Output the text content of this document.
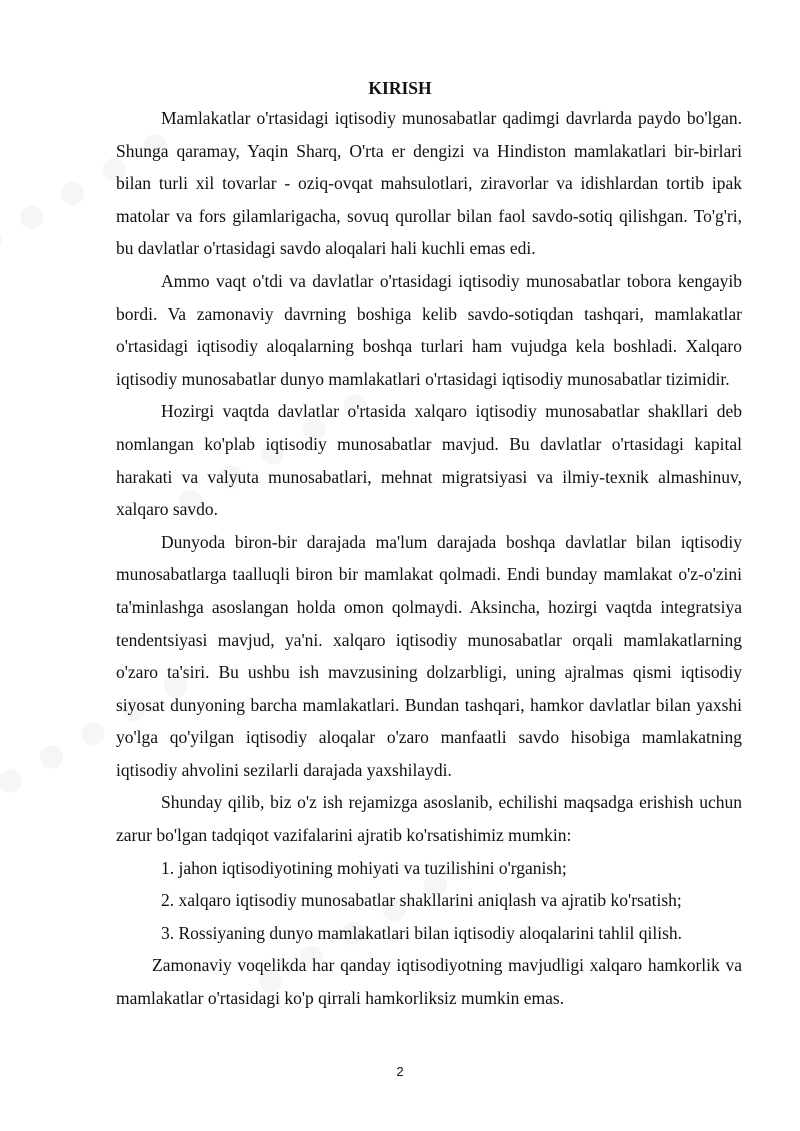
KIRISH

Mamlakatlar o'rtasidagi iqtisodiy munosabatlar qadimgi davrlarda paydo bo'lgan. Shunga qaramay, Yaqin Sharq, O'rta er dengizi va Hindiston mamlakatlari bir-birlari bilan turli xil tovarlar - oziq-ovqat mahsulotlari, ziravorlar va idishlardan tortib ipak matolar va fors gilamlarigacha, sovuq qurollar bilan faol savdo-sotiq qilishgan. To'g'ri, bu davlatlar o'rtasidagi savdo aloqalari hali kuchli emas edi.

Ammo vaqt o'tdi va davlatlar o'rtasidagi iqtisodiy munosabatlar tobora kengayib bordi. Va zamonaviy davrning boshiga kelib savdo-sotiqdan tashqari, mamlakatlar o'rtasidagi iqtisodiy aloqalarning boshqa turlari ham vujudga kela boshladi. Xalqaro iqtisodiy munosabatlar dunyo mamlakatlari o'rtasidagi iqtisodiy munosabatlar tizimidir.

Hozirgi vaqtda davlatlar o'rtasida xalqaro iqtisodiy munosabatlar shakllari deb nomlangan ko'plab iqtisodiy munosabatlar mavjud. Bu davlatlar o'rtasidagi kapital harakati va valyuta munosabatlari, mehnat migratsiyasi va ilmiy-texnik almashinuv, xalqaro savdo.

Dunyoda biron-bir darajada ma'lum darajada boshqa davlatlar bilan iqtisodiy munosabatlarga taalluqli biron bir mamlakat qolmadi. Endi bunday mamlakat o'z-o'zini ta'minlashga asoslangan holda omon qolmaydi. Aksincha, hozirgi vaqtda integratsiya tendentsiyasi mavjud, ya'ni. xalqaro iqtisodiy munosabatlar orqali mamlakatlarning o'zaro ta'siri. Bu ushbu ish mavzusining dolzarbligi, uning ajralmas qismi iqtisodiy siyosat dunyoning barcha mamlakatlari. Bundan tashqari, hamkor davlatlar bilan yaxshi yo'lga qo'yilgan iqtisodiy aloqalar o'zaro manfaatli savdo hisobiga mamlakatning iqtisodiy ahvolini sezilarli darajada yaxshilaydi.

Shunday qilib, biz o'z ish rejamizga asoslanib, echilishi maqsadga erishish uchun zarur bo'lgan tadqiqot vazifalarini ajratib ko'rsatishimiz mumkin:

1. jahon iqtisodiyotining mohiyati va tuzilishini o'rganish;

2. xalqaro iqtisodiy munosabatlar shakllarini aniqlash va ajratib ko'rsatish;

3. Rossiyaning dunyo mamlakatlari bilan iqtisodiy aloqalarini tahlil qilish.

Zamonaviy voqelikda har qanday iqtisodiyotning mavjudligi xalqaro hamkorlik va mamlakatlar o'rtasidagi ko'p qirrali hamkorliksiz mumkin emas.

2
